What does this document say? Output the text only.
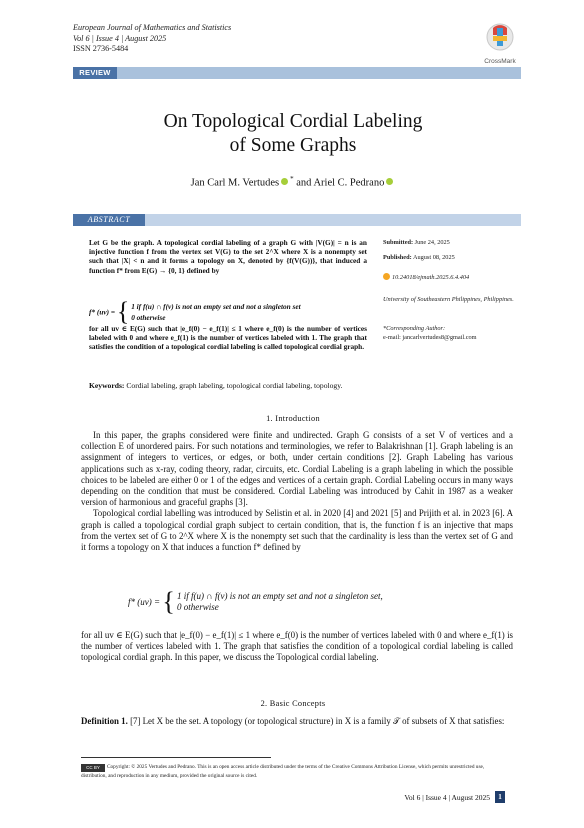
European Journal of Mathematics and Statistics
Vol 6 | Issue 4 | August 2025
ISSN 2736-5484
CrossMark
REVIEW
On Topological Cordial Labeling
of Some Graphs
Jan Carl M. Vertudes * and Ariel C. Pedrano
ABSTRACT
Let G be the graph. A topological cordial labeling of a graph G with |V(G)| = n is an injective function f from the vertex set V(G) to the set 2^X where X is a nonempty set such that |X| < n and it forms a topology on X, denoted by {f(V(G))}, that induced a function f* from E(G) → {0, 1} defined by
f* (uv) = { 1 if f(u) ∩ f(v) is not an empty set and not a singleton set
0 otherwise
for all uv ∈ E(G) such that |e_f(0) − e_f(1)| ≤ 1 where e_f(0) is the number of vertices labeled with 0 and where e_f(1) is the number of vertices labeled with 1. The graph that satisfies the condition of a topological cordial labeling is called topological cordial graph.
Keywords: Cordial labeling, graph labeling, topological cordial labeling, topology.
Submitted: June 24, 2025
Published: August 08, 2025
10.24018/ejmath.2025.6.4.404
University of Southeastern Philippines, Philippines.
*Corresponding Author:
e-mail: jancarlvertudes8@gmail.com
1. Introduction

In this paper, the graphs considered were finite and undirected. Graph G consists of a set V of vertices and a collection E of unordered pairs. For such notations and terminologies, we refer to Balakrishnan [1]. Graph labeling is an assignment of integers to vertices, or edges, or both, under certain conditions [2]. Graph Labeling has various applications such as x-ray, coding theory, radar, circuits, etc. Cordial Labeling is a graph labeling in which the possible choices to be labeled are either 0 or 1 of the edges and vertices of a certain graph. Cordial Labeling occurs in many ways depending on the condition that must be considered. Cordial Labeling was introduced by Cahit in 1987 as a weaker version of harmonious and graceful graphs [3].

Topological cordial labelling was introduced by Selistin et al. in 2020 [4] and 2021 [5] and Prijith et al. in 2023 [6]. A graph is called a topological cordial graph subject to certain condition, that is, the function f is an injective that maps from the vertex set of G to 2^X where X is the nonempty set such that the cardinality is less than the vertex set of G and it forms a topology on X that induces a function f* defined by

f* (uv) = { 1 if f(u) ∩ f(v) is not an empty set and not a singleton set,
0 otherwise

for all uv ∈ E(G) such that |e_f(0) − e_f(1)| ≤ 1 where e_f(0) is the number of vertices labeled with 0 and where e_f(1) is the number of vertices labeled with 1. The graph that satisfies the condition of a topological cordial labeling is called topological cordial graph. In this paper, we discuss the Topological cordial labeling.

2. Basic Concepts

Definition 1. [7] Let X be the set. A topology (or topological structure) in X is a family 𝒯 of subsets of X that satisfies:

CC BY Copyright: © 2025 Vertudes and Pedrano. This is an open access article distributed under the terms of the Creative Commons Attribution License, which permits unrestricted use, distribution, and reproduction in any medium, provided the original source is cited.
Vol 6 | Issue 4 | August 2025	1
